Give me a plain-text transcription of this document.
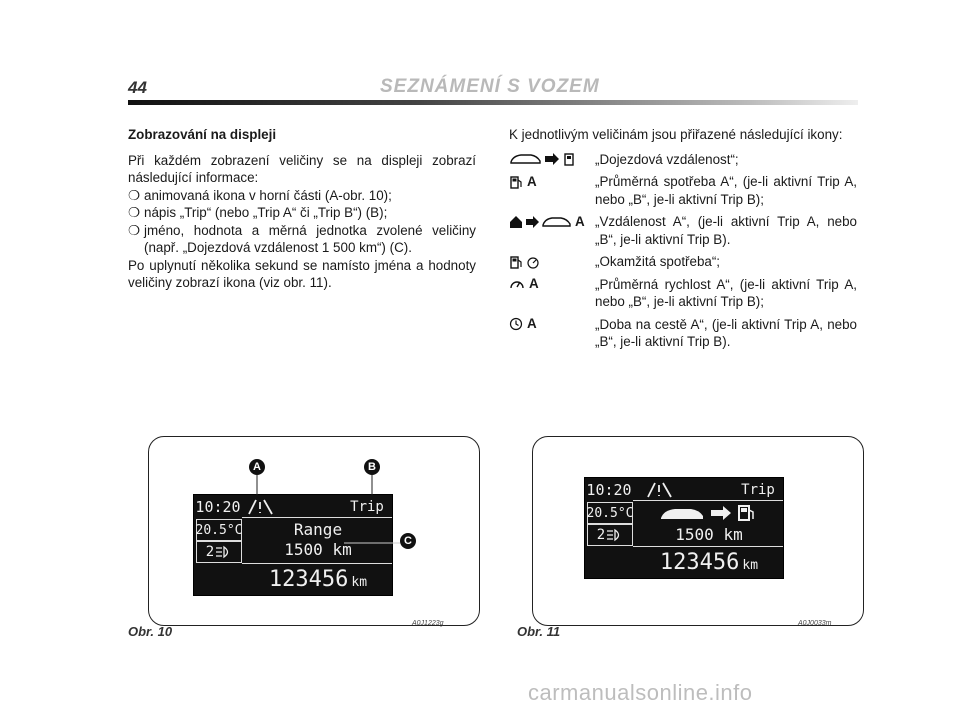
44	SEZNÁMENÍ S VOZEM
Zobrazování na displeji

Při každém zobrazení veličiny se na displeji zobrazí následující informace:

❍ animovaná ikona v horní části (A-obr. 10);
❍ nápis „Trip“ (nebo „Trip A“ či „Trip B“) (B);
❍ jméno, hodnota a měrná jednotka zvolené veličiny (např. „Dojezdová vzdálenost 1 500 km“) (C).

Po uplynutí několika sekund se namísto jména a hodnoty veličiny zobrazí ikona (viz obr. 11).

K jednotlivým veličinám jsou přiřazené následující ikony:
„Dojezdová vzdálenost“;
A	„Průměrná spotřeba A“, (je-li aktivní Trip A, nebo „B“, je-li aktivní Trip B);
A „Vzdálenost A“, (je-li aktivní Trip A, nebo „B“, je-li aktivní Trip B).
„Okamžitá spotřeba“;
A	„Průměrná rychlost A“, (je-li aktivní Trip A, nebo „B“, je-li aktivní Trip B);
A	„Doba na cestě A“, (je-li aktivní Trip A, nebo „B“, je-li aktivní Trip B).
10:20
20.5°C
2
Trip
Range
1500 km
123456 km
A	B
C
Obr. 10
A0J1223g
10:20
20.5°C
2
Trip
1500 km
123456 km
Obr. 11
A0J0033m
carmanualsonline.info
